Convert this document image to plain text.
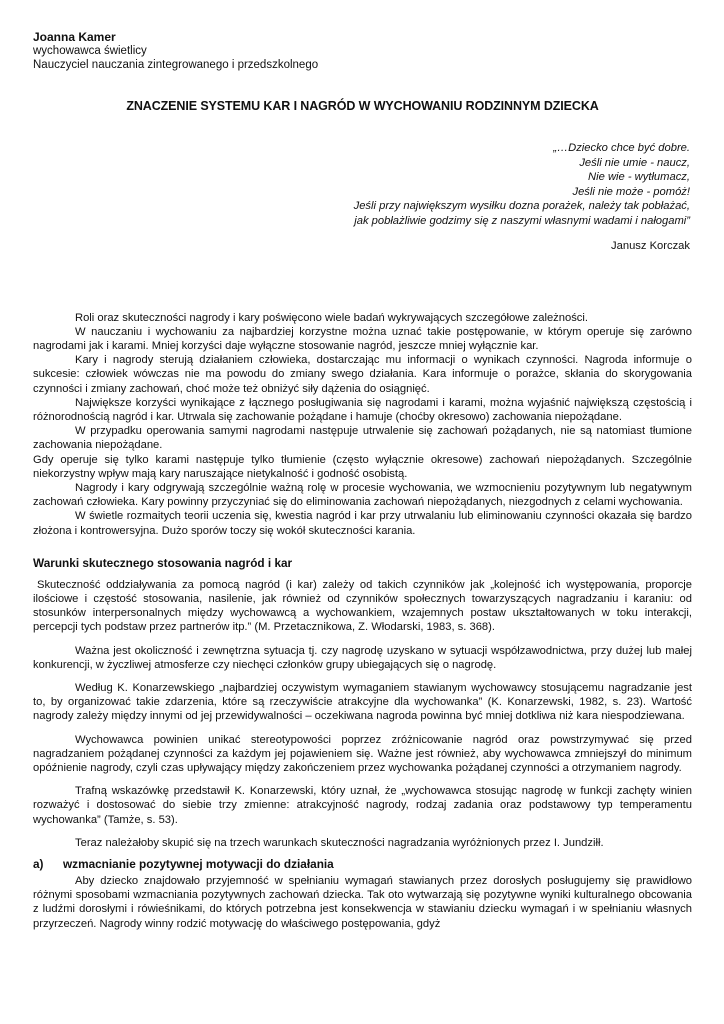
Joanna Kamer
wychowawca świetlicy
Nauczyciel nauczania zintegrowanego i przedszkolnego
ZNACZENIE SYSTEMU KAR I NAGRÓD W WYCHOWANIU RODZINNYM DZIECKA
„…Dziecko chce być dobre.
Jeśli nie umie - naucz,
Nie wie - wytłumacz,
Jeśli nie może - pomóż!
Jeśli przy największym wysiłku dozna porażek, należy tak pobłażać,
jak pobłażliwie godzimy się z naszymi własnymi wadami i nałogami”
Janusz Korczak

Roli oraz skuteczności nagrody i kary poświęcono wiele badań wykrywających szczegółowe zależności.

W nauczaniu i wychowaniu za najbardziej korzystne można uznać takie postępowanie, w którym operuje się zarówno nagrodami jak i karami. Mniej korzyści daje wyłączne stosowanie nagród, jeszcze mniej wyłącznie kar.

Kary i nagrody sterują działaniem człowieka, dostarczając mu informacji o wynikach czynności. Nagroda informuje o sukcesie: człowiek wówczas nie ma powodu do zmiany swego działania. Kara informuje o porażce, skłania do skorygowania czynności i zmiany zachowań, choć może też obniżyć siły dążenia do osiągnięć.

Największe korzyści wynikające z łącznego posługiwania się nagrodami i karami, można wyjaśnić największą częstością i różnorodnością nagród i kar. Utrwala się zachowanie pożądane i hamuje (choćby okresowo) zachowania niepożądane.

W przypadku operowania samymi nagrodami następuje utrwalenie się zachowań pożądanych, nie są natomiast tłumione zachowania niepożądane.

Gdy operuje się tylko karami następuje tylko tłumienie (często wyłącznie okresowe) zachowań niepożądanych. Szczególnie niekorzystny wpływ mają kary naruszające nietykalność i godność osobistą.

Nagrody i kary odgrywają szczególnie ważną rolę w procesie wychowania, we wzmocnieniu pozytywnym lub negatywnym zachowań człowieka. Kary powinny przyczyniać się do eliminowania zachowań niepożądanych, niezgodnych z celami wychowania.

W świetle rozmaitych teorii uczenia się, kwestia nagród i kar przy utrwalaniu lub eliminowaniu czynności okazała się bardzo złożona i kontrowersyjna. Dużo sporów toczy się wokół skuteczności karania.

Warunki skutecznego stosowania nagród i kar

Skuteczność oddziaływania za pomocą nagród (i kar) zależy od takich czynników jak „kolejność ich występowania, proporcje ilościowe i częstość stosowania, nasilenie, jak również od czynników społecznych towarzyszących nagradzaniu i karaniu: od stosunków interpersonalnych między wychowawcą a wychowankiem, wzajemnych postaw ukształtowanych w toku interakcji, percepcji tych podstaw przez partnerów itp.” (M. Przetacznikowa, Z. Włodarski, 1983, s. 368).

Ważna jest okoliczność i zewnętrzna sytuacja tj. czy nagrodę uzyskano w sytuacji współzawodnictwa, przy dużej lub małej konkurencji, w życzliwej atmosferze czy niechęci członków grupy ubiegających się o nagrodę.

Według K. Konarzewskiego „najbardziej oczywistym wymaganiem stawianym wychowawcy stosującemu nagradzanie jest to, by organizować takie zdarzenia, które są rzeczywiście atrakcyjne dla wychowanka” (K. Konarzewski, 1982, s. 23). Wartość nagrody zależy między innymi od jej przewidywalności – oczekiwana nagroda powinna być mniej dotkliwa niż kara niespodziewana.

Wychowawca powinien unikać stereotypowości poprzez zróżnicowanie nagród oraz powstrzymywać się przed nagradzaniem pożądanej czynności za każdym jej pojawieniem się. Ważne jest również, aby wychowawca zmniejszył do minimum opóźnienie nagrody, czyli czas upływający między zakończeniem przez wychowanka pożądanej czynności a otrzymaniem nagrody.

Trafną wskazówkę przedstawił K. Konarzewski, który uznał, że „wychowawca stosując nagrodę w funkcji zachęty winien rozważyć i dostosować do siebie trzy zmienne: atrakcyjność nagrody, rodzaj zadania oraz podstawowy typ temperamentu wychowanka” (Tamże, s. 53).

Teraz należałoby skupić się na trzech warunkach skuteczności nagradzania wyróżnionych przez I. Jundziłł.

a) wzmacnianie pozytywnej motywacji do działania

Aby dziecko znajdowało przyjemność w spełnianiu wymagań stawianych przez dorosłych posługujemy się prawidłowo różnymi sposobami wzmacniania pozytywnych zachowań dziecka. Tak oto wytwarzają się pozytywne wyniki kulturalnego obcowania z ludźmi dorosłymi i rówieśnikami, do których potrzebna jest konsekwencja w stawianiu dziecku wymagań i w spełnianiu własnych przyrzeczeń. Nagrody winny rodzić motywację do właściwego postępowania, gdyż
